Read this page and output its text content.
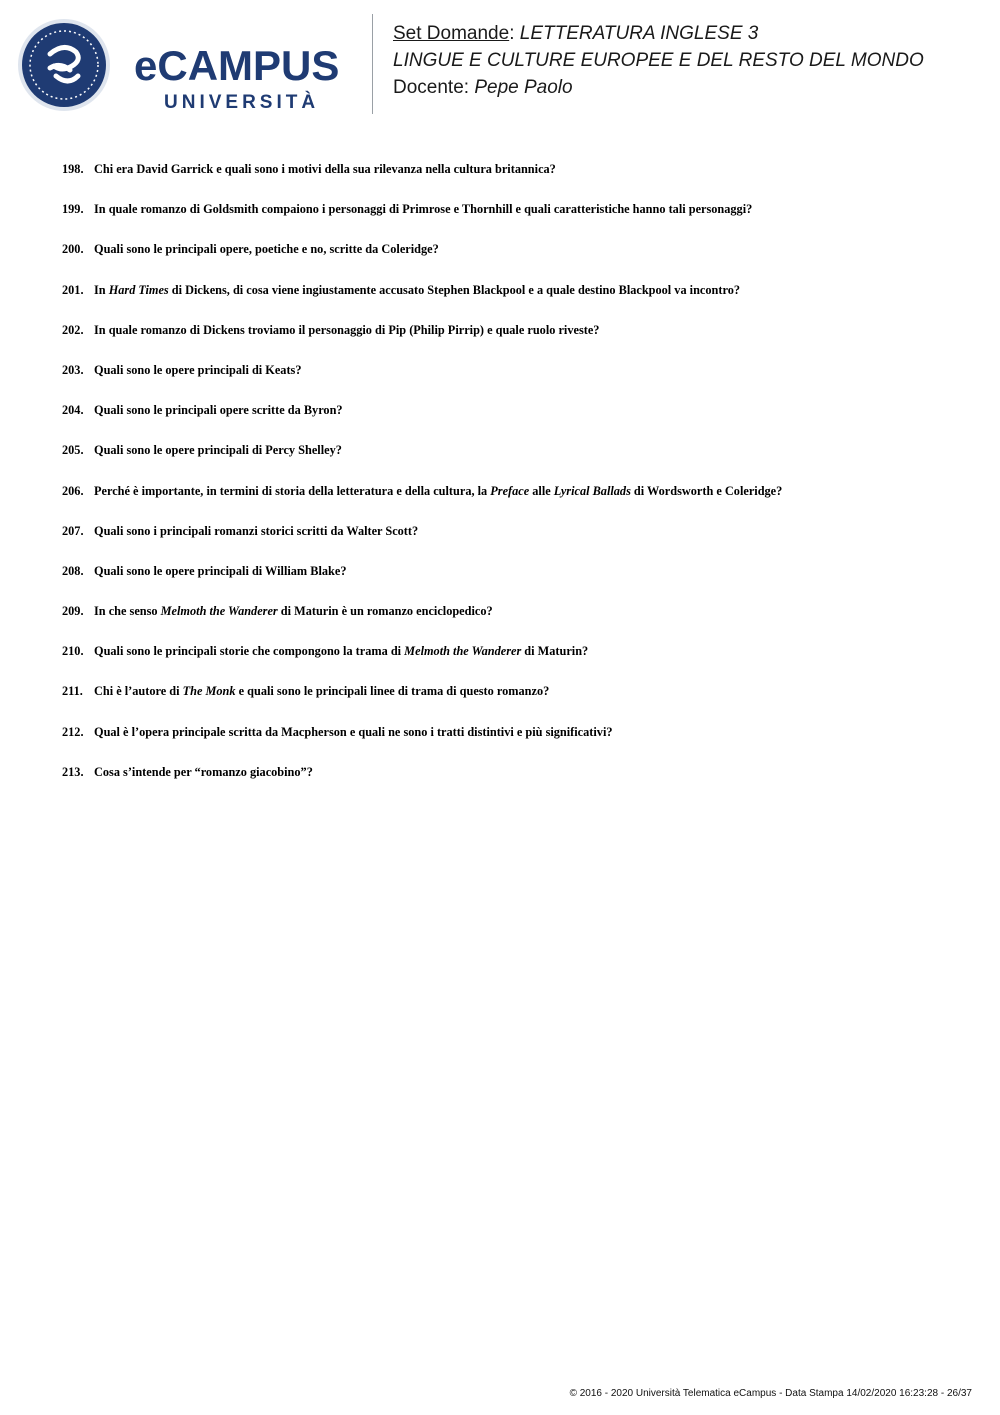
eCAMPUS
UNIVERSITÀ
Set Domande: LETTERATURA INGLESE 3
LINGUE E CULTURE EUROPEE E DEL RESTO DEL MONDO
Docente: Pepe Paolo
198. Chi era David Garrick e quali sono i motivi della sua rilevanza nella cultura britannica?
199. In quale romanzo di Goldsmith compaiono i personaggi di Primrose e Thornhill e quali caratteristiche hanno tali personaggi?
200. Quali sono le principali opere, poetiche e no, scritte da Coleridge?
201. In Hard Times di Dickens, di cosa viene ingiustamente accusato Stephen Blackpool e a quale destino Blackpool va incontro?
202. In quale romanzo di Dickens troviamo il personaggio di Pip (Philip Pirrip) e quale ruolo riveste?
203. Quali sono le opere principali di Keats?
204. Quali sono le principali opere scritte da Byron?
205. Quali sono le opere principali di Percy Shelley?
206. Perché è importante, in termini di storia della letteratura e della cultura, la Preface alle Lyrical Ballads di Wordsworth e Coleridge?
207. Quali sono i principali romanzi storici scritti da Walter Scott?
208. Quali sono le opere principali di William Blake?
209. In che senso Melmoth the Wanderer di Maturin è un romanzo enciclopedico?
210. Quali sono le principali storie che compongono la trama di Melmoth the Wanderer di Maturin?
211. Chi è l’autore di The Monk e quali sono le principali linee di trama di questo romanzo?
212. Qual è l’opera principale scritta da Macpherson e quali ne sono i tratti distintivi e più significativi?
213. Cosa s’intende per “romanzo giacobino”?
© 2016 - 2020 Università Telematica eCampus - Data Stampa 14/02/2020 16:23:28 - 26/37
